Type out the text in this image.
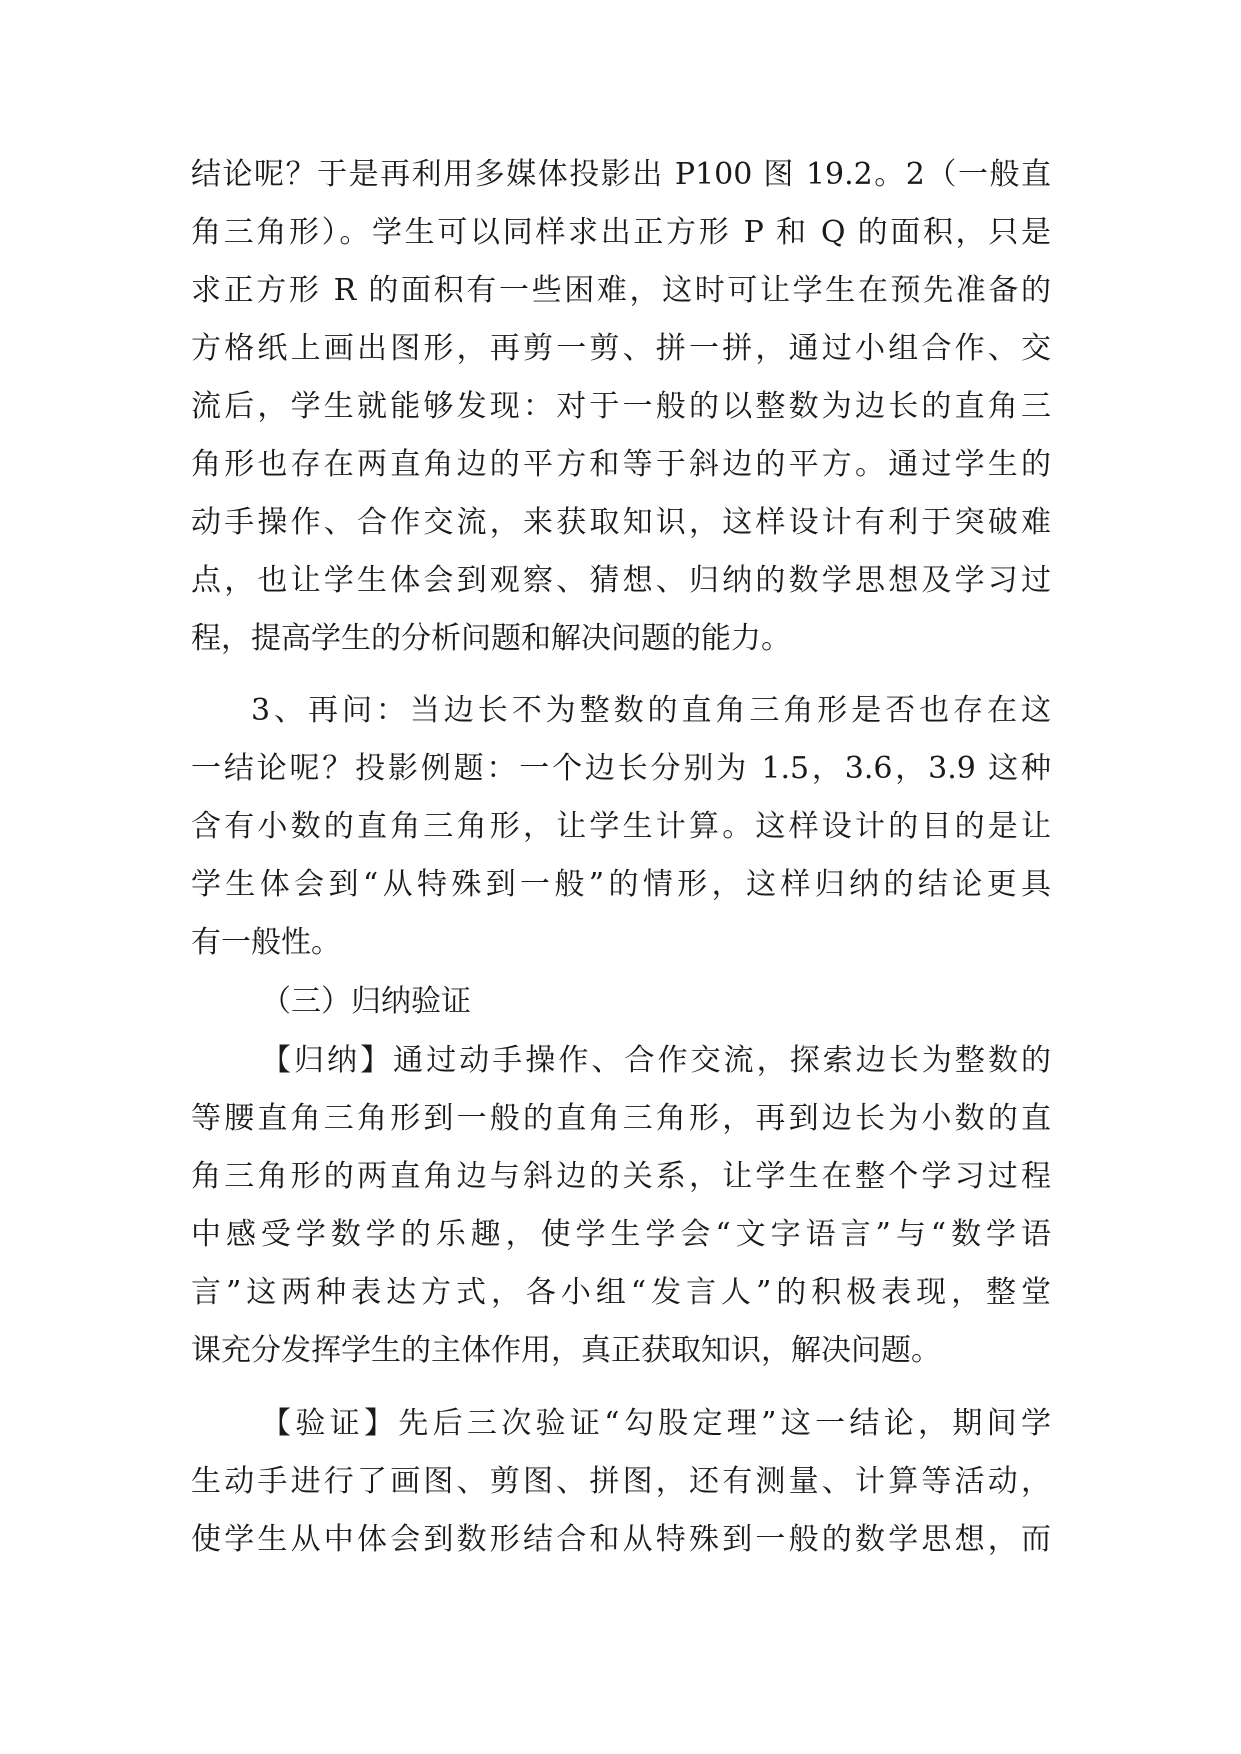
结论呢？于是再利用多媒体投影出 P100 图 19.2。2（一般直
角三角形）。学生可以同样求出正方形 P 和 Q 的面积，只是
求正方形 R 的面积有一些困难，这时可让学生在预先准备的
方格纸上画出图形，再剪一剪、拼一拼，通过小组合作、交
流后，学生就能够发现：对于一般的以整数为边长的直角三
角形也存在两直角边的平方和等于斜边的平方。通过学生的
动手操作、合作交流，来获取知识，这样设计有利于突破难
点，也让学生体会到观察、猜想、归纳的数学思想及学习过
程，提高学生的分析问题和解决问题的能力。
3、再问：当边长不为整数的直角三角形是否也存在这
一结论呢？投影例题：一个边长分别为 1.5，3.6，3.9 这种
含有小数的直角三角形，让学生计算。这样设计的目的是让
学生体会到“从特殊到一般”的情形，这样归纳的结论更具
有一般性。
（三）归纳验证
【归纳】通过动手操作、合作交流，探索边长为整数的
等腰直角三角形到一般的直角三角形，再到边长为小数的直
角三角形的两直角边与斜边的关系，让学生在整个学习过程
中感受学数学的乐趣，使学生学会“文字语言”与“数学语
言”这两种表达方式，各小组“发言人”的积极表现，整堂
课充分发挥学生的主体作用，真正获取知识，解决问题。
【验证】先后三次验证“勾股定理”这一结论，期间学
生动手进行了画图、剪图、拼图，还有测量、计算等活动，
使学生从中体会到数形结合和从特殊到一般的数学思想，而
